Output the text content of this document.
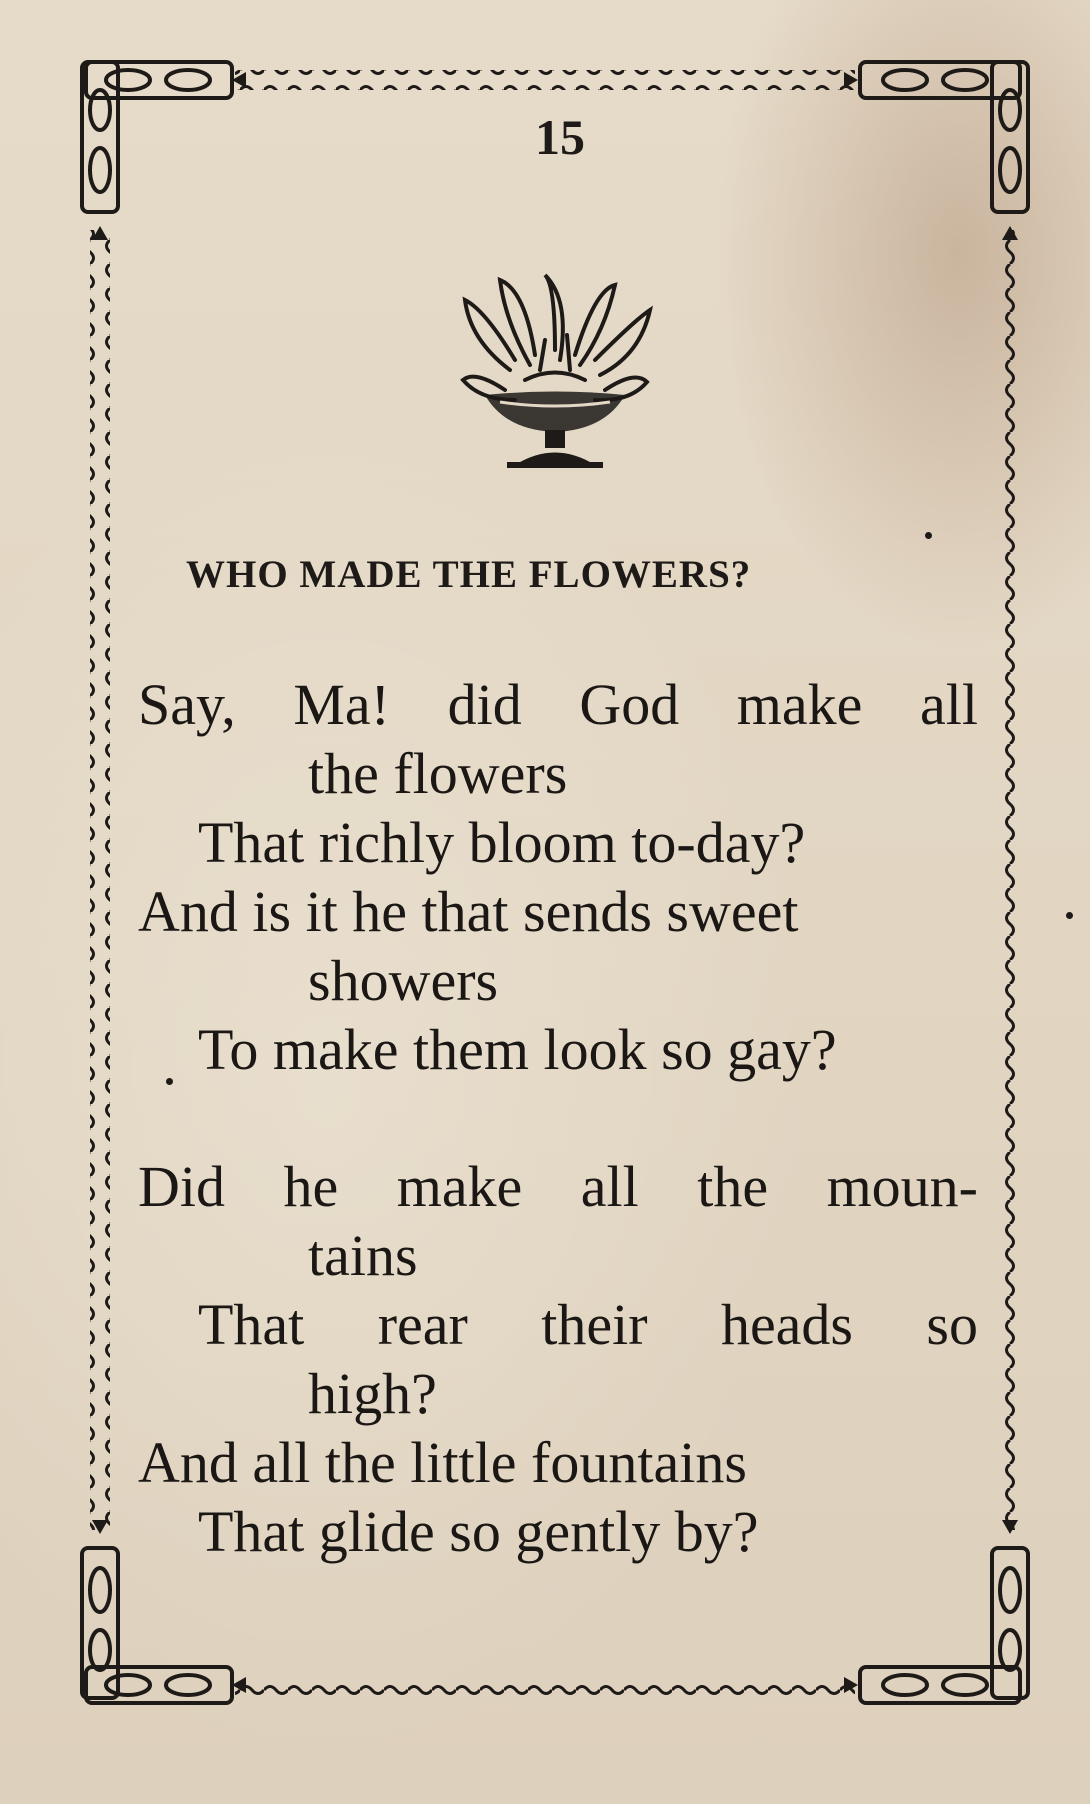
15
WHO MADE THE FLOWERS?

Say, Ma! did God make all
the flowers
That richly bloom to-day?
And is it he that sends sweet
showers
To make them look so gay?

Did he make all the moun-
tains
That rear their heads so
high?
And all the little fountains
That glide so gently by?
